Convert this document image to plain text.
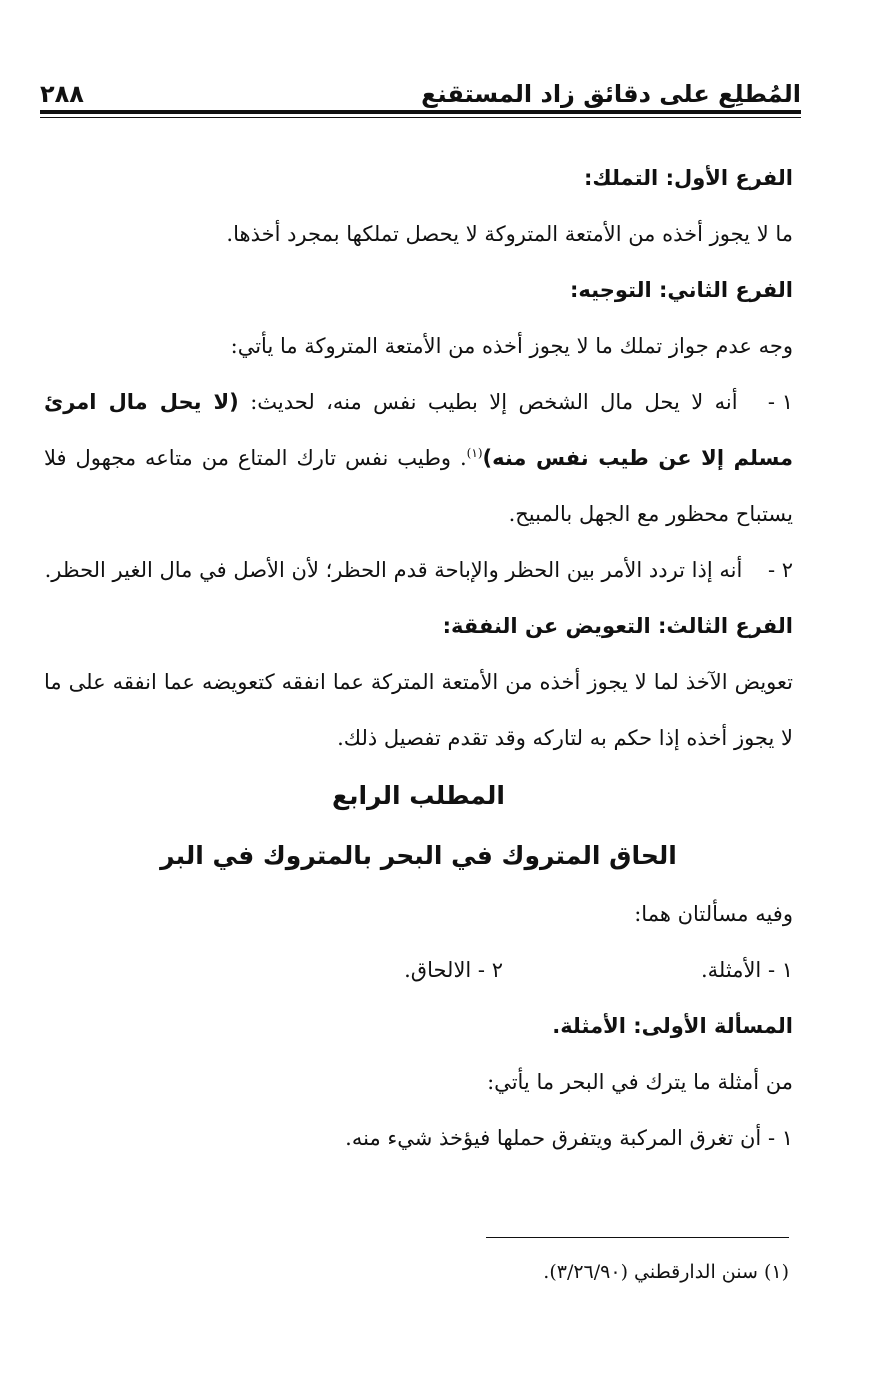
٢٨٨	المُطلِع على دقائق زاد المستقنع

الفرع الأول: التملك:

ما لا يجوز أخذه من الأمتعة المتروكة لا يحصل تملكها بمجرد أخذها.

الفرع الثاني: التوجيه:

وجه عدم جواز تملك ما لا يجوز أخذه من الأمتعة المتروكة ما يأتي:

١ - أنه لا يحل مال الشخص إلا بطيب نفس منه، لحديث: (لا يحل مال امرئ مسلم إلا عن طيب نفس منه)$^{(١)}$. وطيب نفس تارك المتاع من متاعه مجهول فلا يستباح محظور مع الجهل بالمبيح.

٢ - أنه إذا تردد الأمر بين الحظر والإباحة قدم الحظر؛ لأن الأصل في مال الغير الحظر.

الفرع الثالث: التعويض عن النفقة:

تعويض الآخذ لما لا يجوز أخذه من الأمتعة المتركة عما انفقه كتعويضه عما انفقه على ما لا يجوز أخذه إذا حكم به لتاركه وقد تقدم تفصيل ذلك.

المطلب الرابع

الحاق المتروك في البحر بالمتروك في البر

وفيه مسألتان هما:

١ - الأمثلة.
٢ - الالحاق.

المسألة الأولى: الأمثلة.

من أمثلة ما يترك في البحر ما يأتي:

١ - أن تغرق المركبة ويتفرق حملها فيؤخذ شيء منه.

(١) سنن الدارقطني (٣/٢٦/٩٠).
